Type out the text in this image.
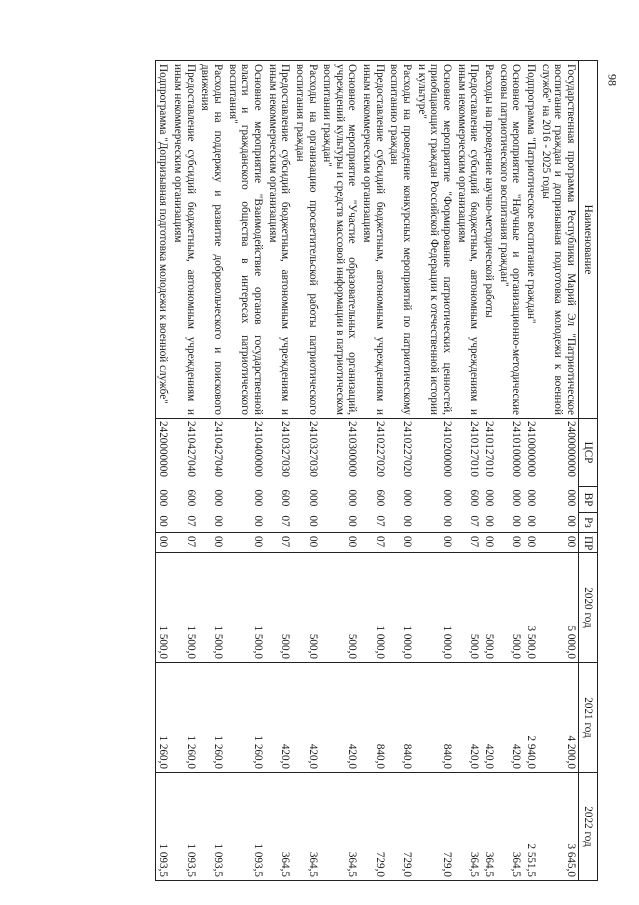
98
Наименование	ЦСР	ВР	Рз	ПР	2020 год	2021 год	2022 год
Государственная программа Республики Марий Эл "Патриотическое воспитание граждан и допризывная подготовка молодежи к военной службе" на 2016 - 2025 годы	2400000000	000	00	00	5 000,0	4 200,0	3 645,0
Подпрограмма "Патриотическое воспитание граждан"	2410000000	000	00	00	3 500,0	2 940,0	2 551,5
Основное мероприятие "Научные и организационно-методические основы патриотического воспитания граждан"	2410100000	000	00	00	500,0	420,0	364,5
Расходы на проведение научно-методической работы	2410127010	000	00	00	500,0	420,0	364,5
Предоставление субсидий бюджетным, автономным учреждениям и иным некоммерческим организациям	2410127010	600	07	07	500,0	420,0	364,5
Основное мероприятие "Формирование патриотических ценностей, приобщающих граждан Российской Федерации к отечественной истории и культуре"	2410200000	000	00	00	1 000,0	840,0	729,0
Расходы на проведение конкурсных мероприятий по патриотическому воспитанию граждан	2410227020	000	00	00	1 000,0	840,0	729,0
Предоставление субсидий бюджетным, автономным учреждениям и иным некоммерческим организациям	2410227020	600	07	07	1 000,0	840,0	729,0
Основное мероприятие "Участие образовательных организаций, учреждений культуры и средств массовой информации в патриотическом воспитании граждан"	2410300000	000	00	00	500,0	420,0	364,5
Расходы на организацию просветительской работы патриотического воспитания граждан	2410327030	000	00	00	500,0	420,0	364,5
Предоставление субсидий бюджетным, автономным учреждениям и иным некоммерческим организациям	2410327030	600	07	07	500,0	420,0	364,5
Основное мероприятие "Взаимодействие органов государственной власти и гражданского общества в интересах патриотического воспитания"	2410400000	000	00	00	1 500,0	1 260,0	1 093,5
Расходы на поддержку и развитие добровольческого и поискового движения	2410427040	000	00	00	1 500,0	1 260,0	1 093,5
Предоставление субсидий бюджетным, автономным учреждениям и иным некоммерческим организациям	2410427040	600	07	07	1 500,0	1 260,0	1 093,5
Подпрограмма "Допризывная подготовка молодежи к военной службе"	2420000000	000	00	00	1 500,0	1 260,0	1 093,5
